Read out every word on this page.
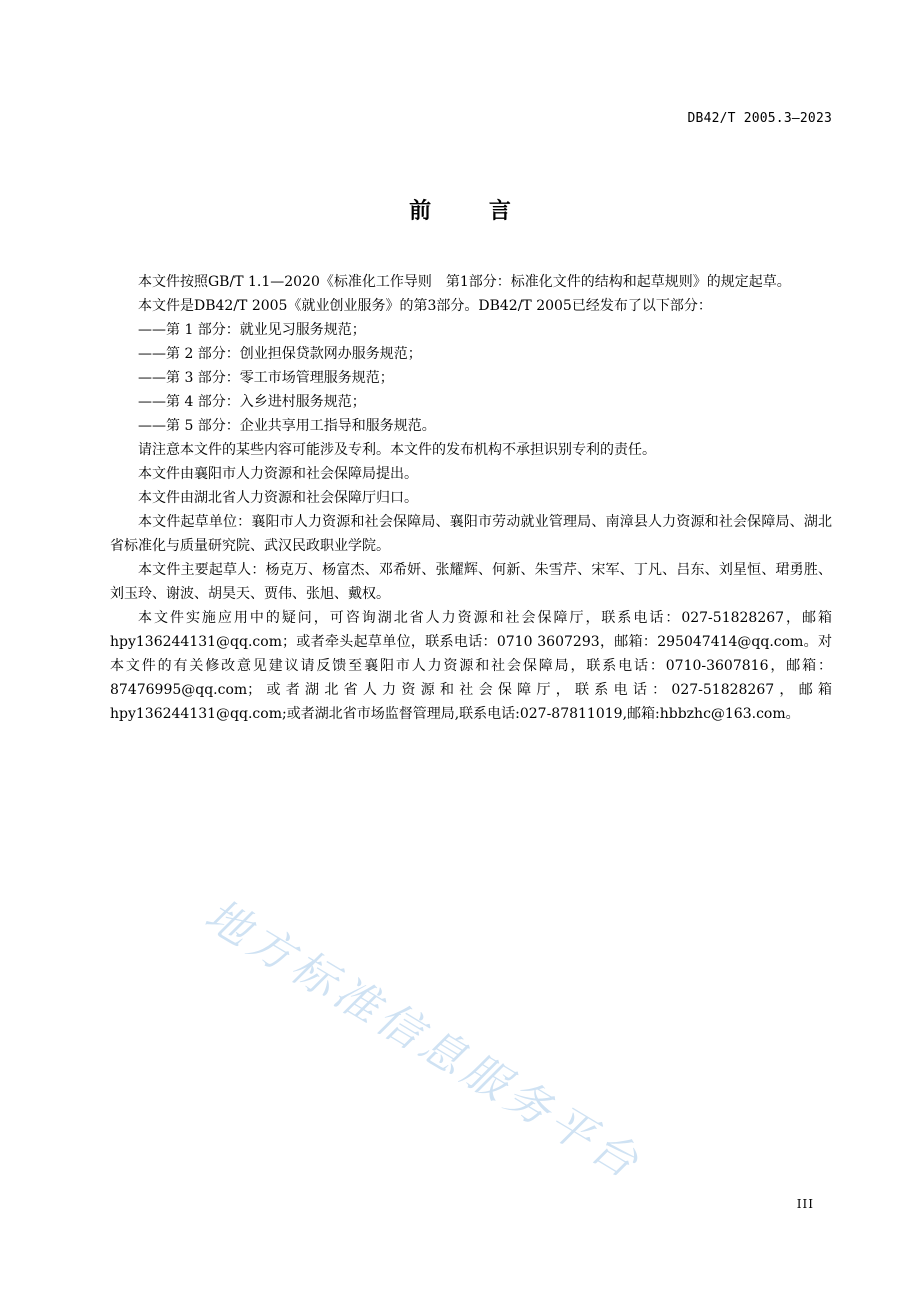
DB42/T 2005.3—2023
前	言

本文件按照GB/T 1.1—2020《标准化工作导则　第1部分：标准化文件的结构和起草规则》的规定起草。

本文件是DB42/T 2005《就业创业服务》的第3部分。DB42/T 2005已经发布了以下部分：

——第 1 部分：就业见习服务规范；

——第 2 部分：创业担保贷款网办服务规范；

——第 3 部分：零工市场管理服务规范；

——第 4 部分：入乡进村服务规范；

——第 5 部分：企业共享用工指导和服务规范。

请注意本文件的某些内容可能涉及专利。本文件的发布机构不承担识别专利的责任。

本文件由襄阳市人力资源和社会保障局提出。

本文件由湖北省人力资源和社会保障厅归口。

本文件起草单位：襄阳市人力资源和社会保障局、襄阳市劳动就业管理局、南漳县人力资源和社会保障局、湖北省标准化与质量研究院、武汉民政职业学院。

本文件主要起草人：杨克万、杨富杰、邓希妍、张耀辉、何新、朱雪芹、宋军、丁凡、吕东、刘星恒、珺勇胜、刘玉玲、谢波、胡昊天、贾伟、张旭、戴权。

本文件实施应用中的疑问，可咨询湖北省人力资源和社会保障厅，联系电话：027-51828267，邮箱hpy136244131@qq.com；或者牵头起草单位，联系电话：0710 3607293，邮箱：295047414@qq.com。对本文件的有关修改意见建议请反馈至襄阳市人力资源和社会保障局，联系电话：0710-3607816，邮箱：87476995@qq.com；或者湖北省人力资源和社会保障厅，联系电话：027-51828267，邮箱hpy136244131@qq.com;或者湖北省市场监督管理局,联系电话:027-87811019,邮箱:hbbzhc@163.com。

地方标准信息服务平台
III
